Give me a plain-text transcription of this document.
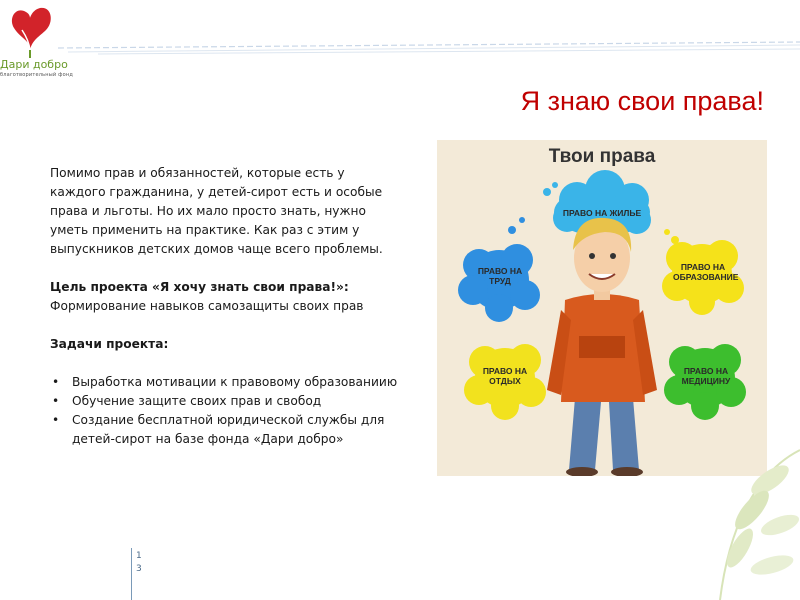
Дари добро
благотворительный фонд
Я знаю свои права!

Помимо прав и обязанностей, которые есть у

каждого гражданина, у детей-сирот есть и особые

права и льготы. Но их мало просто знать, нужно

уметь применить на практике. Как раз с этим у

выпускников детских домов чаще всего проблемы.

Цель проекта «Я хочу знать свои права!»:

Формирование навыков самозащиты своих прав

Задачи проекта:

• Выработка мотивации к правовому образованиию
• Обучение защите своих прав и свобод
• Создание бесплатной юридической службы для
детей-сирот на базе фонда «Дари добро»
1
3
Твои права
ПРАВО НА ЖИЛЬЕ
ПРАВО НА ТРУД
ПРАВО НА ОБРАЗОВАНИЕ
ПРАВО НА ОТДЫХ
ПРАВО НА МЕДИЦИНУ
